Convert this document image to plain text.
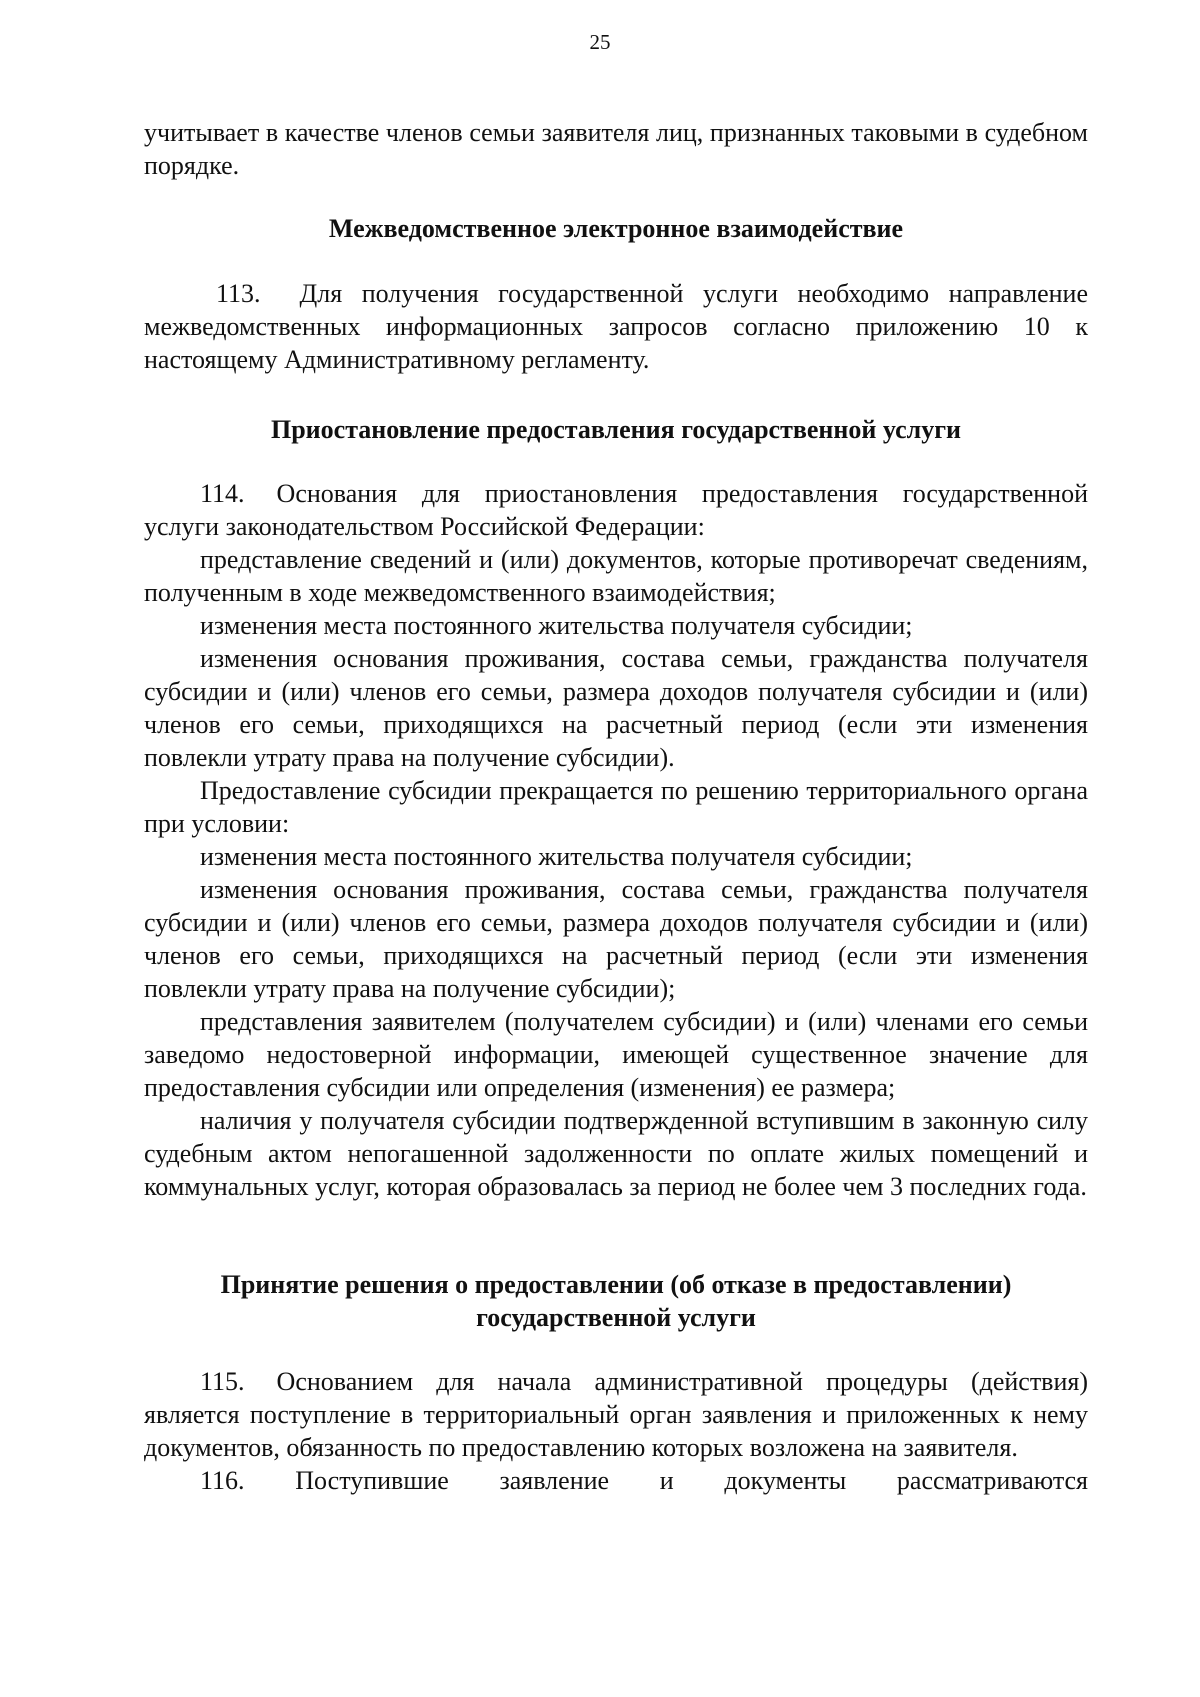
25

учитывает в качестве членов семьи заявителя лиц, признанных таковыми в судебном порядке.

Межведомственное электронное взаимодействие

113. Для получения государственной услуги необходимо направление межведомственных информационных запросов согласно приложению 10 к настоящему Административному регламенту.

Приостановление предоставления государственной услуги

114. Основания для приостановления предоставления государственной услуги законодательством Российской Федерации:

представление сведений и (или) документов, которые противоречат сведениям, полученным в ходе межведомственного взаимодействия;

изменения места постоянного жительства получателя субсидии;

изменения основания проживания, состава семьи, гражданства получателя субсидии и (или) членов его семьи, размера доходов получателя субсидии и (или) членов его семьи, приходящихся на расчетный период (если эти изменения повлекли утрату права на получение субсидии).

Предоставление субсидии прекращается по решению территориального органа при условии:

изменения места постоянного жительства получателя субсидии;

изменения основания проживания, состава семьи, гражданства получателя субсидии и (или) членов его семьи, размера доходов получателя субсидии и (или) членов его семьи, приходящихся на расчетный период (если эти изменения повлекли утрату права на получение субсидии);

представления заявителем (получателем субсидии) и (или) членами его семьи заведомо недостоверной информации, имеющей существенное значение для предоставления субсидии или определения (изменения) ее размера;

наличия у получателя субсидии подтвержденной вступившим в законную силу судебным актом непогашенной задолженности по оплате жилых помещений и коммунальных услуг, которая образовалась за период не более чем 3 последних года.

Принятие решения о предоставлении (об отказе в предоставлении)
государственной услуги

115. Основанием для начала административной процедуры (действия) является поступление в территориальный орган заявления и приложенных к нему документов, обязанность по предоставлению которых возложена на заявителя.

116. Поступившие заявление и документы рассматриваются
